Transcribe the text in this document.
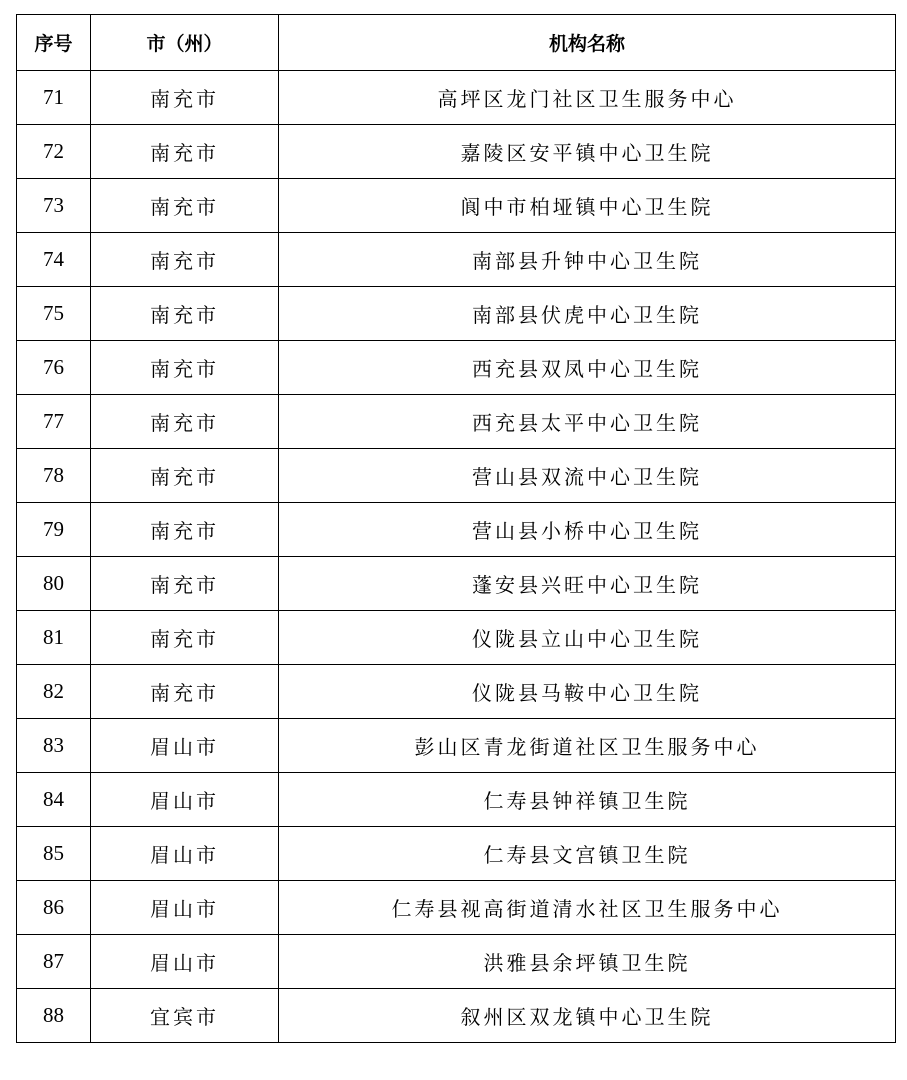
序号	市（州）	机构名称
71	南充市	高坪区龙门社区卫生服务中心
72	南充市	嘉陵区安平镇中心卫生院
73	南充市	阆中市柏垭镇中心卫生院
74	南充市	南部县升钟中心卫生院
75	南充市	南部县伏虎中心卫生院
76	南充市	西充县双凤中心卫生院
77	南充市	西充县太平中心卫生院
78	南充市	营山县双流中心卫生院
79	南充市	营山县小桥中心卫生院
80	南充市	蓬安县兴旺中心卫生院
81	南充市	仪陇县立山中心卫生院
82	南充市	仪陇县马鞍中心卫生院
83	眉山市	彭山区青龙街道社区卫生服务中心
84	眉山市	仁寿县钟祥镇卫生院
85	眉山市	仁寿县文宫镇卫生院
86	眉山市	仁寿县视高街道清水社区卫生服务中心
87	眉山市	洪雅县余坪镇卫生院
88	宜宾市	叙州区双龙镇中心卫生院
